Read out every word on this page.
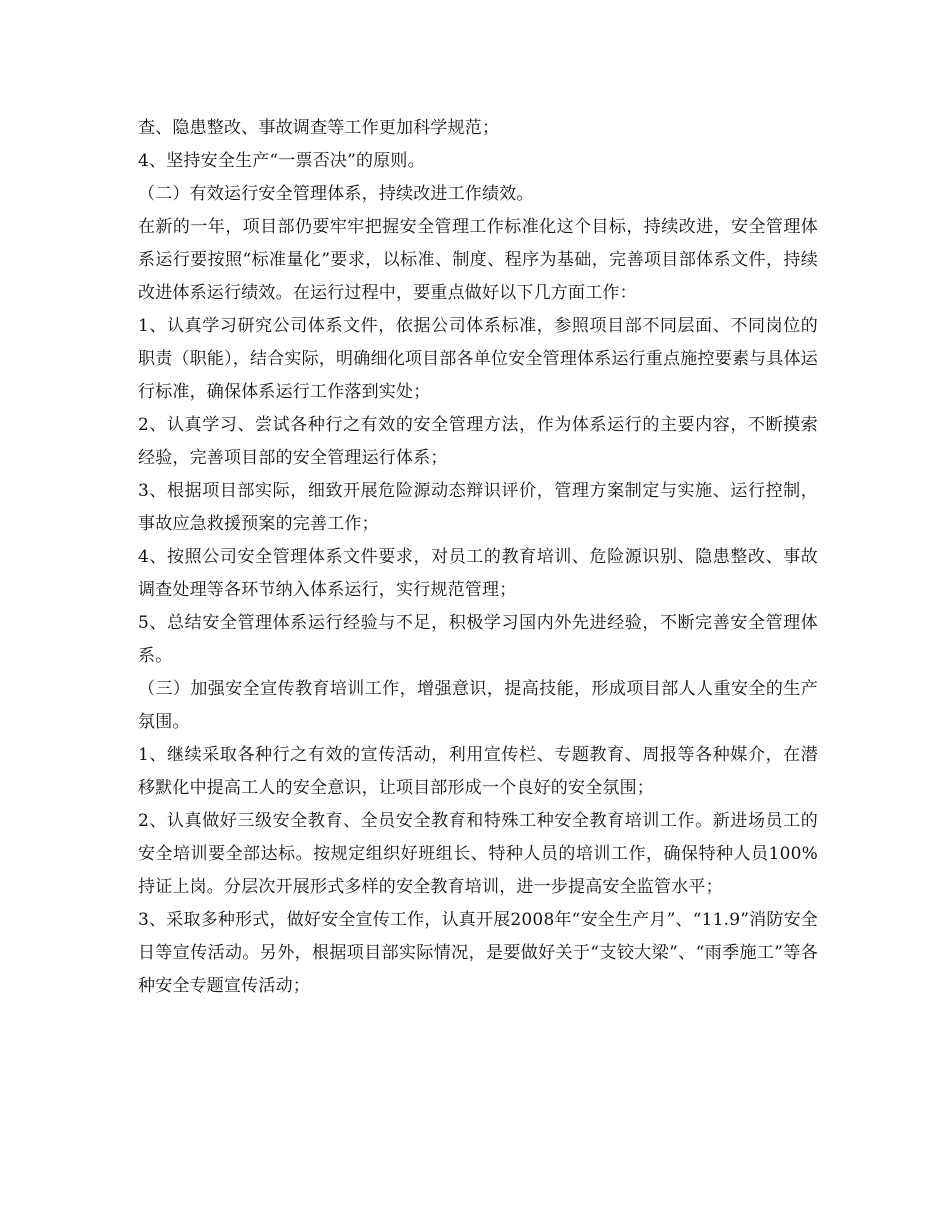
查、隐患整改、事故调查等工作更加科学规范；

4、坚持安全生产“一票否决”的原则。

（二）有效运行安全管理体系，持续改进工作绩效。

在新的一年，项目部仍要牢牢把握安全管理工作标准化这个目标，持续改进，安全管理体系运行要按照“标准量化”要求，以标准、制度、程序为基础，完善项目部体系文件，持续改进体系运行绩效。在运行过程中，要重点做好以下几方面工作：

1、认真学习研究公司体系文件，依据公司体系标准，参照项目部不同层面、不同岗位的职责（职能），结合实际，明确细化项目部各单位安全管理体系运行重点施控要素与具体运行标准，确保体系运行工作落到实处；

2、认真学习、尝试各种行之有效的安全管理方法，作为体系运行的主要内容，不断摸索经验，完善项目部的安全管理运行体系；

3、根据项目部实际，细致开展危险源动态辩识评价，管理方案制定与实施、运行控制，事故应急救援预案的完善工作；

4、按照公司安全管理体系文件要求，对员工的教育培训、危险源识别、隐患整改、事故调查处理等各环节纳入体系运行，实行规范管理；

5、总结安全管理体系运行经验与不足，积极学习国内外先进经验，不断完善安全管理体系。

（三）加强安全宣传教育培训工作，增强意识，提高技能，形成项目部人人重安全的生产氛围。

1、继续采取各种行之有效的宣传活动，利用宣传栏、专题教育、周报等各种媒介，在潜移默化中提高工人的安全意识，让项目部形成一个良好的安全氛围；

2、认真做好三级安全教育、全员安全教育和特殊工种安全教育培训工作。新进场员工的安全培训要全部达标。按规定组织好班组长、特种人员的培训工作，确保特种人员100%持证上岗。分层次开展形式多样的安全教育培训，进一步提高安全监管水平；

3、采取多种形式，做好安全宣传工作，认真开展2008年“安全生产月”、“11.9”消防安全日等宣传活动。另外，根据项目部实际情况，是要做好关于“支铰大梁”、“雨季施工”等各种安全专题宣传活动；
